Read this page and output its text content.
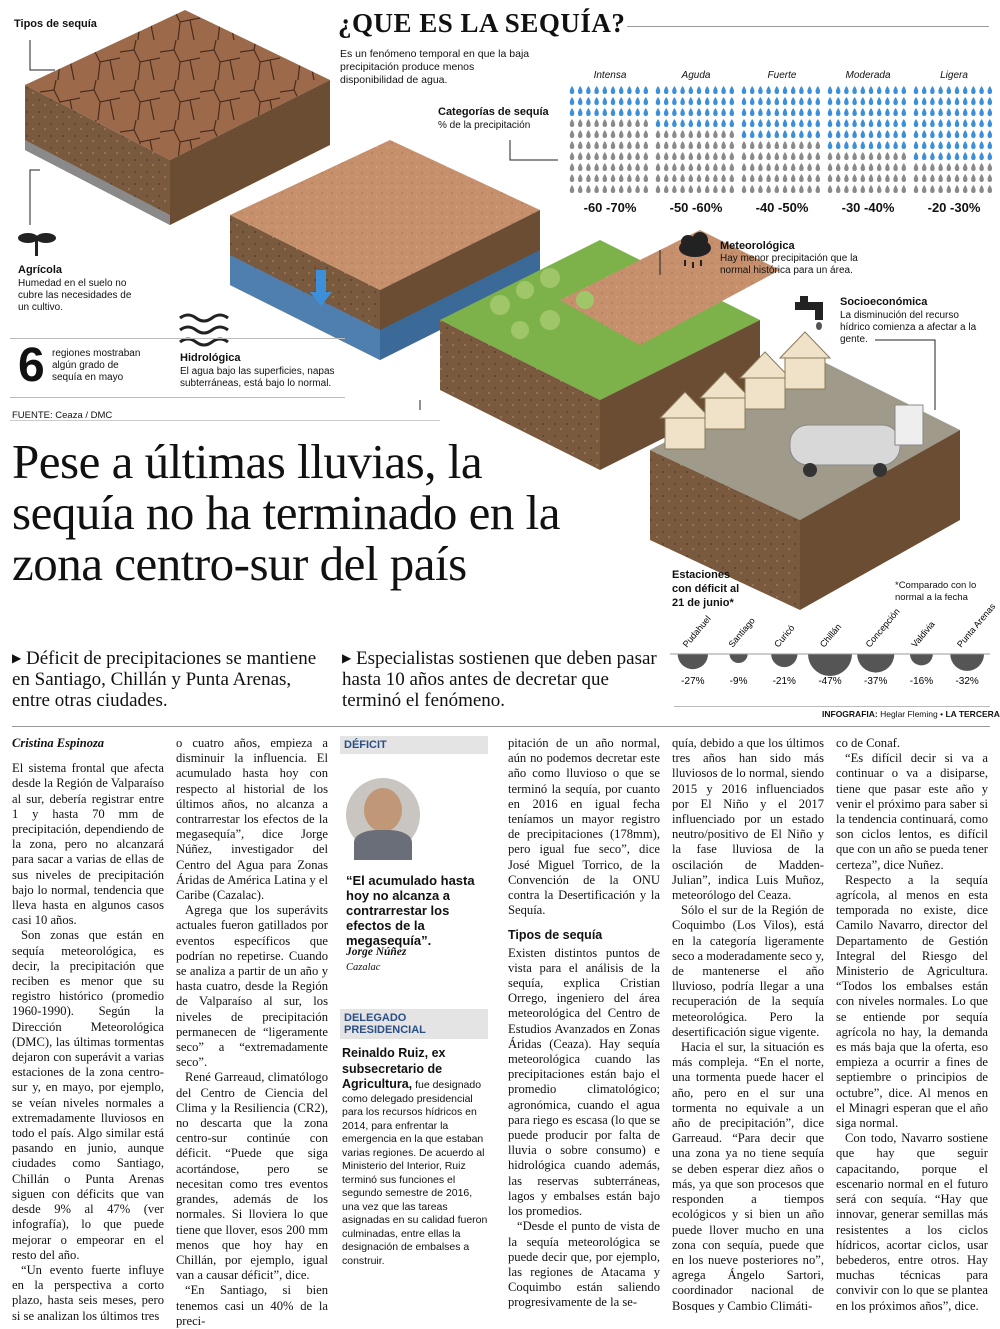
Tipos de sequía	¿QUE ES LA SEQUÍA?
Es un fenómeno temporal en que la baja precipitación produce menos disponibilidad de agua.
Categorías de sequía
% de la precipitación
Intensa	Aguda	Fuerte	Moderada	Ligera
-60 -70%	-50 -60%	-40 -50%	-30 -40%	-20 -30%
Agrícola
Humedad en el suelo no cubre las necesidades de un cultivo.
Hidrológica
El agua bajo las superficies, napas subterráneas, está bajo lo normal.
Meteorológica
Hay menor precipitación que la normal histórica para un área.
Socioeconómica
La disminución del recurso hídrico comienza a afectar a la gente.
6 regiones mostraban algún grado de sequía en mayo
FUENTE: Ceaza / DMC
Estaciones con déficit al 21 de junio*
*Comparado con lo normal a la fecha
-27%
Pudahuel
-9%
Santiago
-21%
Curicó
-47%
Chillán
-37%
Concepción
-16%
Valdivia
-32%
Punta Arenas
INFOGRAFIA: Heglar Fleming • LA TERCERA
Pese a últimas lluvias, la sequía no ha terminado en la zona centro-sur del país
▶ Déficit de precipitaciones se mantiene en Santiago, Chillán y Punta Arenas, entre otras ciudades.
▶ Especialistas sostienen que deben pasar hasta 10 años antes de decretar que terminó el fenómeno.
Cristina Espinoza

El sistema frontal que afecta desde la Región de Valparaíso al sur, debería registrar entre 1 y hasta 70 mm de precipitación, dependiendo de la zona, pero no alcanzará para sacar a varias de ellas de sus niveles de precipitación bajo lo normal, tendencia que lleva hasta en algunos casos casi 10 años.

Son zonas que están en sequía meteorológica, es decir, la precipitación que reciben es menor que su registro histórico (promedio 1960-1990). Según la Dirección Meteorológica (DMC), las últimas tormentas dejaron con superávit a varias estaciones de la zona centro-sur y, en mayo, por ejemplo, se veían niveles normales a extremadamente lluviosos en todo el país. Algo similar está pasando en junio, aunque ciudades como Santiago, Chillán o Punta Arenas siguen con déficits que van desde 9% al 47% (ver infografía), lo que puede mejorar o empeorar en el resto del año.

“Un evento fuerte influye en la perspectiva a corto plazo, hasta seis meses, pero si se analizan los últimos tres

o cuatro años, empieza a disminuir la influencia. El acumulado hasta hoy con respecto al historial de los últimos años, no alcanza a contrarrestar los efectos de la megasequía”, dice Jorge Núñez, investigador del Centro del Agua para Zonas Áridas de América Latina y el Caribe (Cazalac).

Agrega que los superávits actuales fueron gatillados por eventos específicos que podrían no repetirse. Cuando se analiza a partir de un año y hasta cuatro, desde la Región de Valparaíso al sur, los niveles de precipitación permanecen de “ligeramente seco” a “extremadamente seco”.

René Garreaud, climatólogo del Centro de Ciencia del Clima y la Resiliencia (CR2), no descarta que la zona centro-sur continúe con déficit. “Puede que siga acortándose, pero se necesitan como tres eventos grandes, además de los normales. Si lloviera lo que tiene que llover, esos 200 mm menos que hoy hay en Chillán, por ejemplo, igual van a causar déficit”, dice.

“En Santiago, si bien tenemos casi un 40% de la preci-

DÉFICIT
“El acumulado hasta hoy no alcanza a contrarrestar los efectos de la megasequía”.
Jorge Núñez
Cazalac
DELEGADO PRESIDENCIAL
Reinaldo Ruiz, ex subsecretario de Agricultura, fue designado como delegado presidencial para los recursos hídricos en 2014, para enfrentar la emergencia en la que estaban varias regiones. De acuerdo al Ministerio del Interior, Ruiz terminó sus funciones el segundo semestre de 2016, una vez que las tareas asignadas en su calidad fueron culminadas, entre ellas la designación de embalses a construir.

pitación de un año normal, aún no podemos decretar este año como lluvioso o que se terminó la sequía, por cuanto en 2016 en igual fecha teníamos un mayor registro de precipitaciones (178mm), pero igual fue seco”, dice José Miguel Torrico, de la Convención de la ONU contra la Desertificación y la Sequía.

Tipos de sequía

Existen distintos puntos de vista para el análisis de la sequía, explica Cristian Orrego, ingeniero del área meteorológica del Centro de Estudios Avanzados en Zonas Áridas (Ceaza). Hay sequía meteorológica cuando las precipitaciones están bajo el promedio climatológico; agronómica, cuando el agua para riego es escasa (lo que se puede producir por falta de lluvia o sobre consumo) e hidrológica cuando además, las reservas subterráneas, lagos y embalses están bajo los promedios.

“Desde el punto de vista de la sequía meteorológica se puede decir que, por ejemplo, las regiones de Atacama y Coquimbo están saliendo progresivamente de la se-

quía, debido a que los últimos tres años han sido más lluviosos de lo normal, siendo 2015 y 2016 influenciados por El Niño y el 2017 influenciado por un estado neutro/positivo de El Niño y la fase lluviosa de la oscilación de Madden-Julian”, indica Luis Muñoz, meteorólogo del Ceaza.

Sólo el sur de la Región de Coquimbo (Los Vilos), está en la categoría ligeramente seco a moderadamente seco y, de mantenerse el año lluvioso, podría llegar a una recuperación de la sequía meteorológica. Pero la desertificación sigue vigente.

Hacia el sur, la situación es más compleja. “En el norte, una tormenta puede hacer el año, pero en el sur una tormenta no equivale a un año de precipitación”, dice Garreaud. “Para decir que una zona ya no tiene sequía se deben esperar diez años o más, ya que son procesos que responden a tiempos ecológicos y si bien un año puede llover mucho en una zona con sequía, puede que en los nueve posteriores no”, agrega Ángelo Sartori, coordinador nacional de Bosques y Cambio Climáti-

co de Conaf.

“Es difícil decir si va a continuar o va a disiparse, tiene que pasar este año y venir el próximo para saber si la tendencia continuará, como son ciclos lentos, es difícil que con un año se pueda tener certeza”, dice Nuñez.

Respecto a la sequía agrícola, al menos en esta temporada no existe, dice Camilo Navarro, director del Departamento de Gestión Integral del Riesgo del Ministerio de Agricultura. “Todos los embalses están con niveles normales. Lo que se entiende por sequía agrícola no hay, la demanda es más baja que la oferta, eso empieza a ocurrir a fines de septiembre o principios de octubre”, dice. Al menos en el Minagri esperan que el año siga normal.

Con todo, Navarro sostiene que hay que seguir capacitando, porque el escenario normal en el futuro será con sequía. “Hay que innovar, generar semillas más resistentes a los ciclos hídricos, acortar ciclos, usar bebederos, entre otros. Hay muchas técnicas para convivir con lo que se plantea en los próximos años”, dice.
